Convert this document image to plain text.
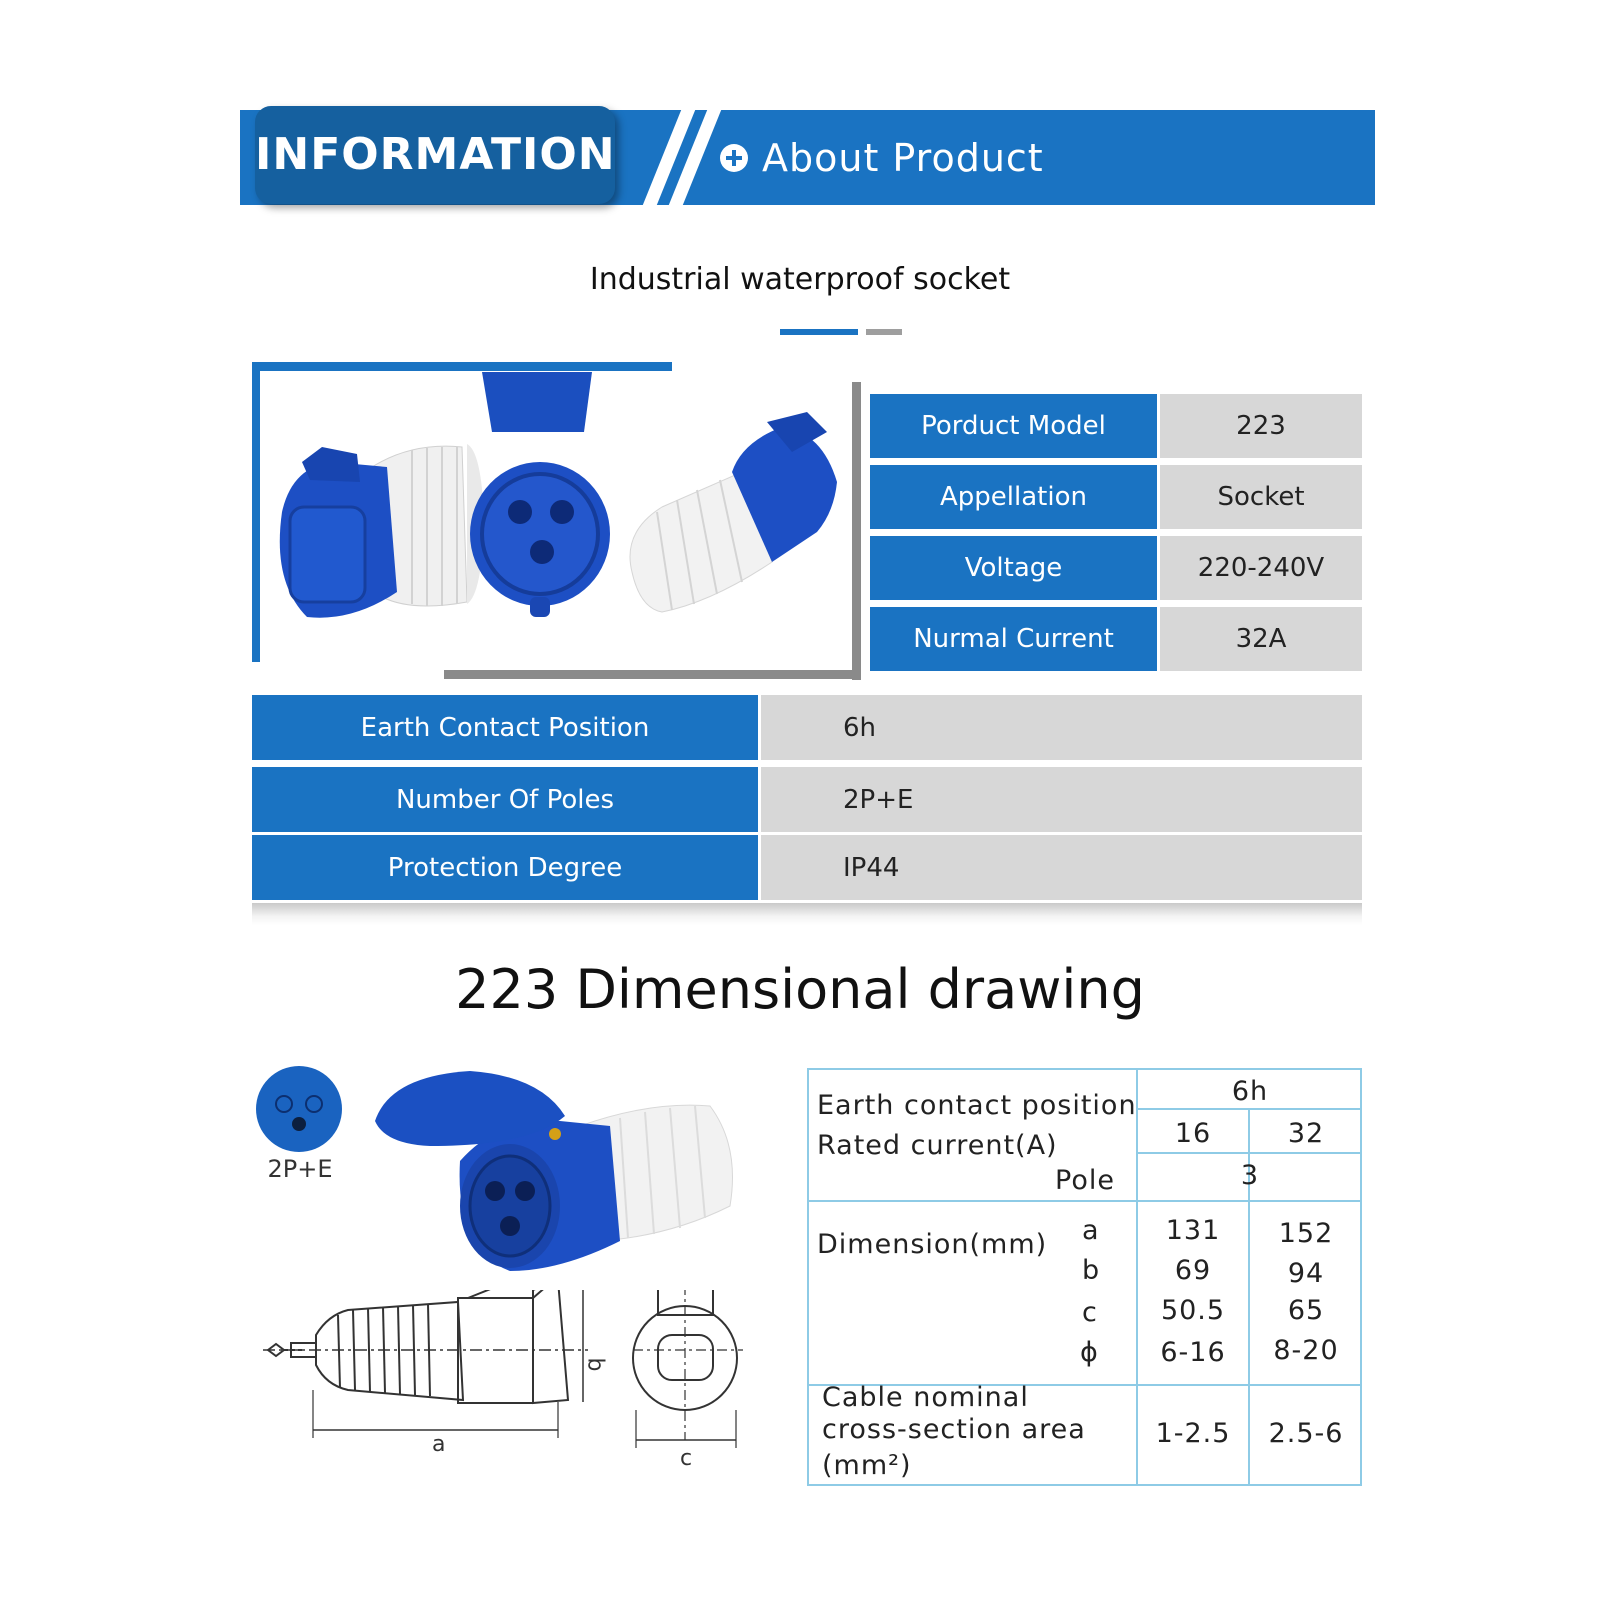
INFORMATION	About Product
Industrial waterproof socket
Porduct Model	223
Appellation	Socket
Voltage	220-240V
Nurmal Current	32A
Earth Contact Position	6h
Number Of Poles	2P+E
Protection Degree	IP44
223 Dimensional drawing
2P+E
a
b
c
Earth contact position	6h
Rated current(A)	16	32
Pole	3
Dimension(mm) a	131	152
b	69	94
c	50.5	65
ϕ	6-16	8-20
Cable nominal
cross-section area
(mm²)
1-2.5	2.5-6
